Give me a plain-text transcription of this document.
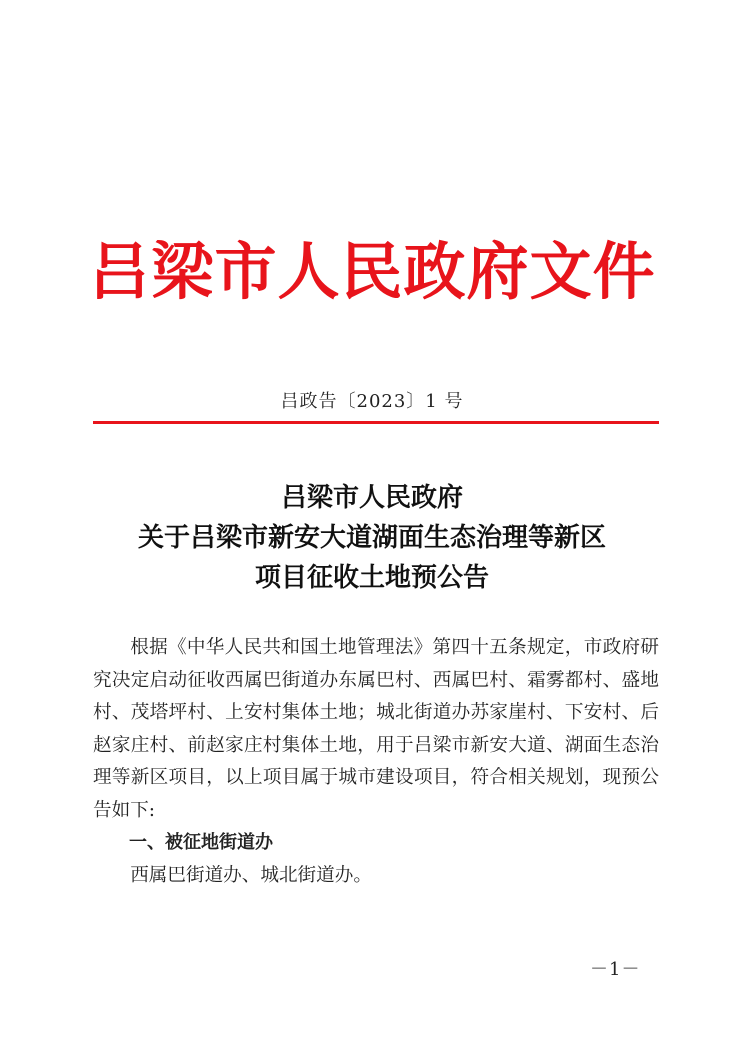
吕梁市人民政府文件
吕政告〔2023〕1 号
吕梁市人民政府
关于吕梁市新安大道湖面生态治理等新区
项目征收土地预公告

根据《中华人民共和国土地管理法》第四十五条规定，市政府研究决定启动征收西属巴街道办东属巴村、西属巴村、霜雾都村、盛地村、茂塔坪村、上安村集体土地；城北街道办苏家崖村、下安村、后赵家庄村、前赵家庄村集体土地，用于吕梁市新安大道、湖面生态治理等新区项目，以上项目属于城市建设项目，符合相关规划，现预公告如下:

一、被征地街道办

西属巴街道办、城北街道办。

－1－
